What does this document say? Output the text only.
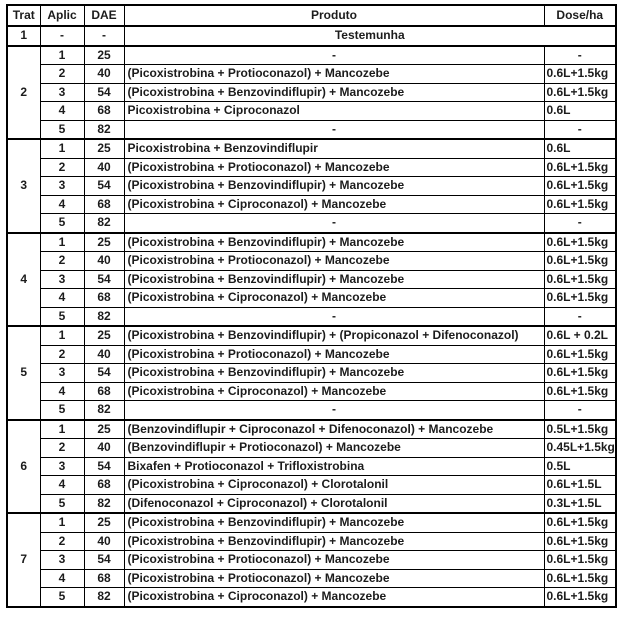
Trat	Aplic	DAE	Produto	Dose/ha
1	-	-	Testemunha	
2	1	25	-	-
	2	40	(Picoxistrobina + Protioconazol) + Mancozebe	0.6L+1.5kg
	3	54	(Picoxistrobina + Benzovindiflupir) + Mancozebe	0.6L+1.5kg
	4	68	Picoxistrobina + Ciproconazol	0.6L
	5	82	-	-
3	1	25	Picoxistrobina + Benzovindiflupir	0.6L
	2	40	(Picoxistrobina + Protioconazol) + Mancozebe	0.6L+1.5kg
	3	54	(Picoxistrobina + Benzovindiflupir) + Mancozebe	0.6L+1.5kg
	4	68	(Picoxistrobina + Ciproconazol) + Mancozebe	0.6L+1.5kg
	5	82	-	-
4	1	25	(Picoxistrobina + Benzovindiflupir) + Mancozebe	0.6L+1.5kg
	2	40	(Picoxistrobina + Protioconazol) + Mancozebe	0.6L+1.5kg
	3	54	(Picoxistrobina + Benzovindiflupir) + Mancozebe	0.6L+1.5kg
	4	68	(Picoxistrobina + Ciproconazol) + Mancozebe	0.6L+1.5kg
	5	82	-	-
5	1	25	(Picoxistrobina + Benzovindiflupir) + (Propiconazol + Difenoconazol)	0.6L + 0.2L
	2	40	(Picoxistrobina + Protioconazol) + Mancozebe	0.6L+1.5kg
	3	54	(Picoxistrobina + Benzovindiflupir) + Mancozebe	0.6L+1.5kg
	4	68	(Picoxistrobina + Ciproconazol) + Mancozebe	0.6L+1.5kg
	5	82	-	-
6	1	25	(Benzovindiflupir + Ciproconazol + Difenoconazol) + Mancozebe	0.5L+1.5kg
	2	40	(Benzovindiflupir + Protioconazol) + Mancozebe	0.45L+1.5kg
	3	54	Bixafen + Protioconazol + Trifloxistrobina	0.5L
	4	68	(Picoxistrobina + Ciproconazol) + Clorotalonil	0.6L+1.5L
	5	82	(Difenoconazol + Ciproconazol) + Clorotalonil	0.3L+1.5L
7	1	25	(Picoxistrobina + Benzovindiflupir) + Mancozebe	0.6L+1.5kg
	2	40	(Picoxistrobina + Benzovindiflupir) + Mancozebe	0.6L+1.5kg
	3	54	(Picoxistrobina + Protioconazol) + Mancozebe	0.6L+1.5kg
	4	68	(Picoxistrobina + Protioconazol) + Mancozebe	0.6L+1.5kg
	5	82	(Picoxistrobina + Ciproconazol) + Mancozebe	0.6L+1.5kg
